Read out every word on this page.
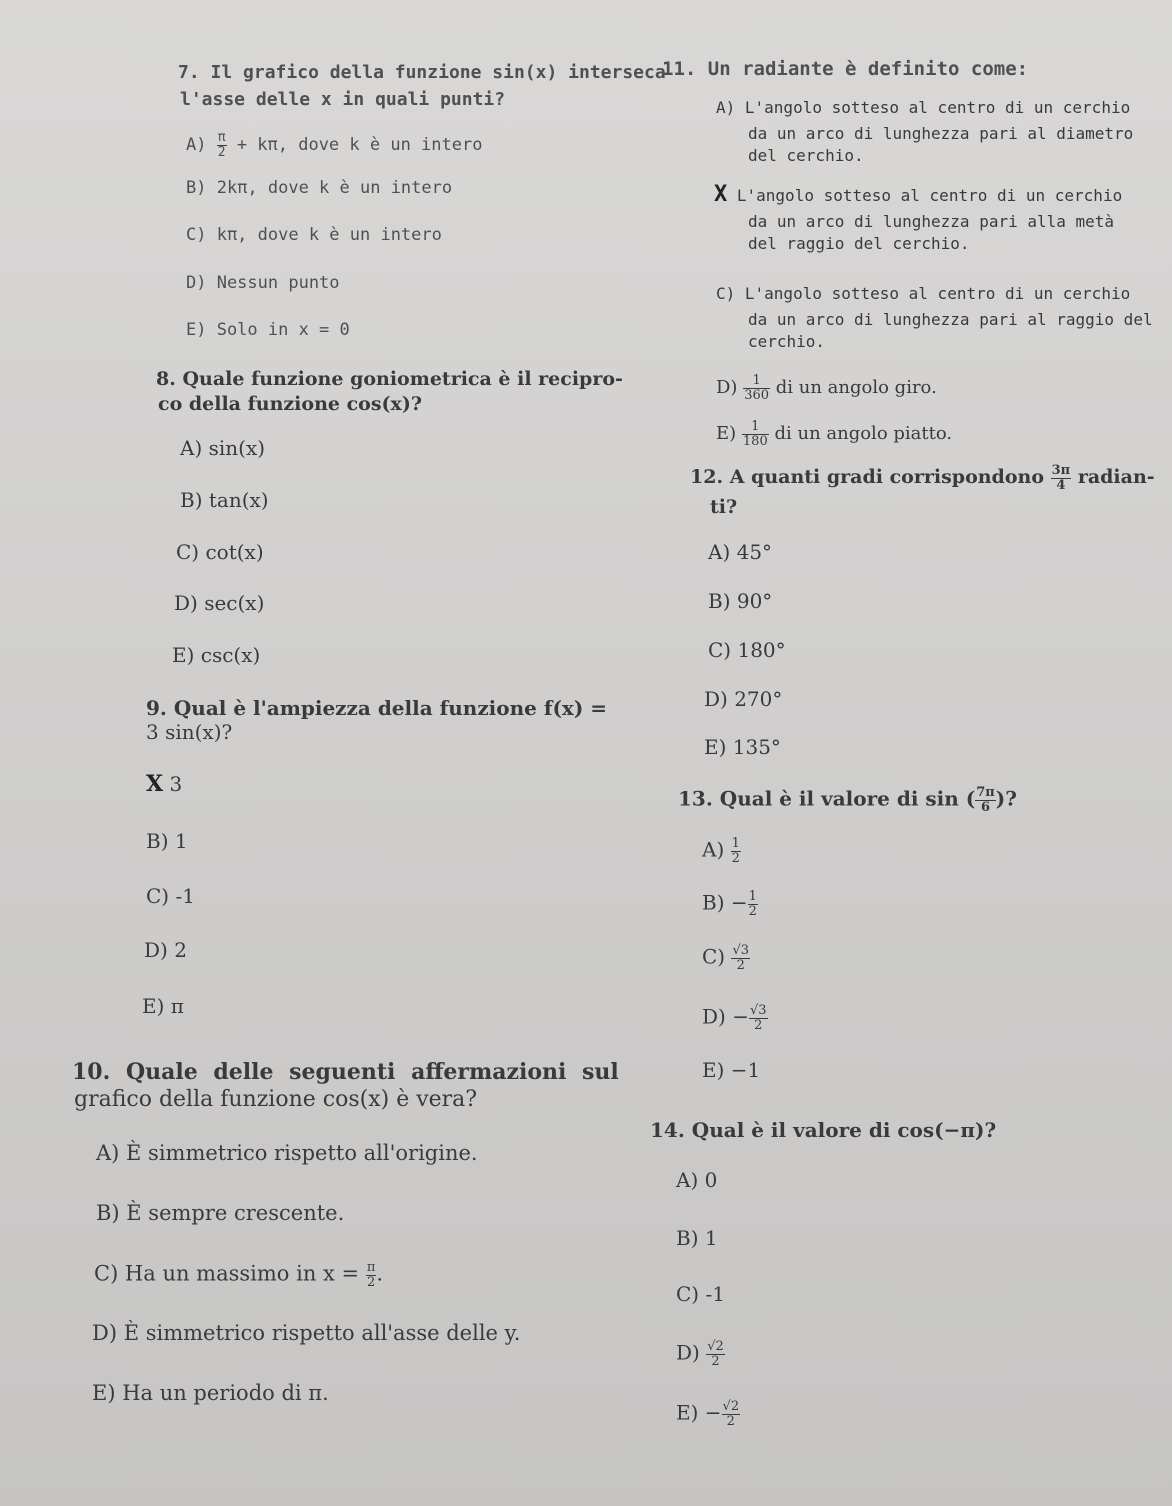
7. Il grafico della funzione sin(x) interseca
l'asse delle x in quali punti?
$A) \frac{\pi}{2} + k\pi$, dove k è un intero
B) 2kπ, dove k è un intero
C) kπ, dove k è un intero
D) Nessun punto
E) Solo in x = 0
8. Quale funzione goniometrica è il recipro-
co della funzione cos(x)?
A) sin(x)
B) tan(x)
C) cot(x)
D) sec(x)
E) csc(x)
9. Qual è l'ampiezza della funzione f(x) =
3 sin(x)?
X 3
B) 1
C) -1
D) 2
E) π
10. Quale delle seguenti affermazioni sul
grafico della funzione cos(x) è vera?
A) È simmetrico rispetto all'origine.
B) È sempre crescente.
C) Ha un massimo in $x = \frac{\pi}{2}$ .
D) È simmetrico rispetto all'asse delle y.
E) Ha un periodo di π.
11. Un radiante è definito come:
A) L'angolo sotteso al centro di un cerchio
da un arco di lunghezza pari al diametro
del cerchio.
X L'angolo sotteso al centro di un cerchio
da un arco di lunghezza pari alla metà
del raggio del cerchio.
C) L'angolo sotteso al centro di un cerchio
da un arco di lunghezza pari al raggio del
cerchio.
$D) \frac{1}{360}$ di un angolo giro.
$E) \frac{1}{180}$ di un angolo piatto.
12. A quanti gradi corrispondono $\frac{3\pi}{4}$ radian-
ti?
A) 45°
B) 90°
C) 180°
D) 270°
E) 135°
13. Qual è il valore di sin ( $\frac{7\pi}{6}$ )?
$A) \frac{1}{2}$
$B) - \frac{1}{2}$
$C) \frac{√3}{2}$
$D) - \frac{√3}{2}$
E) −1
14. Qual è il valore di cos(−π)?
A) 0
B) 1
C) -1
$D) \frac{√2}{2}$
$E) - \frac{√2}{2}$
